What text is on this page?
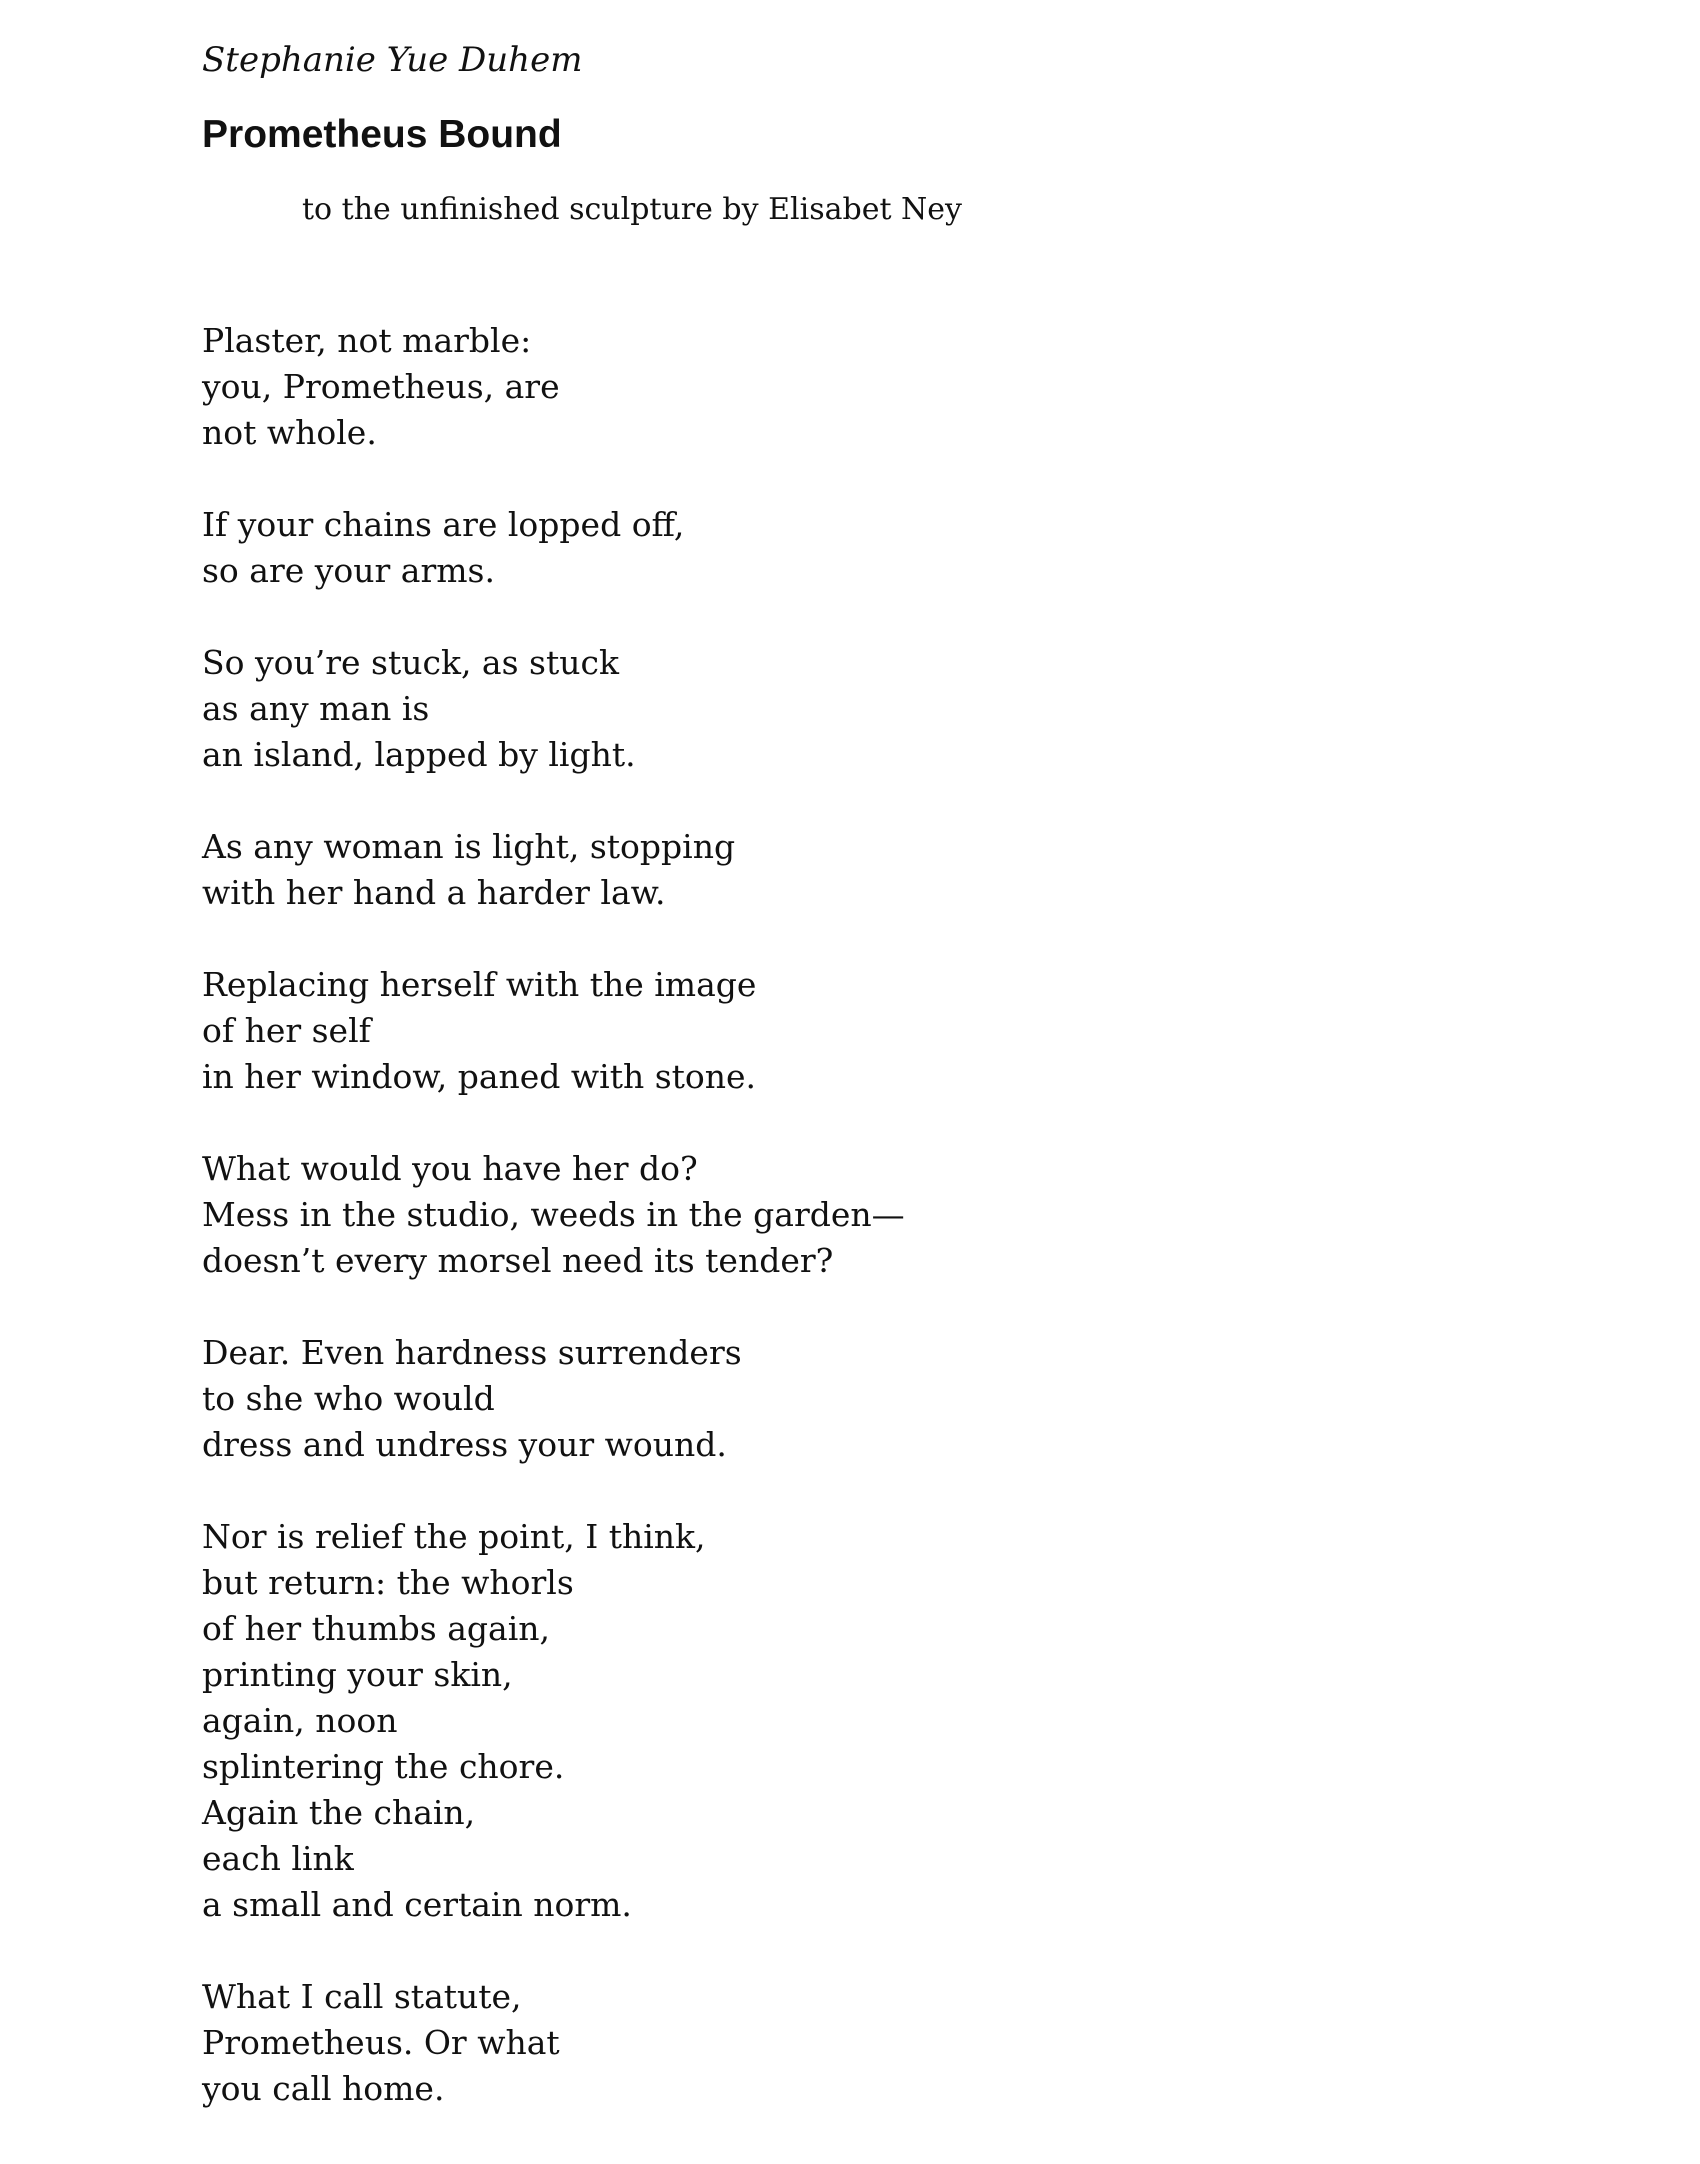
Stephanie Yue Duhem
Prometheus Bound
to the unfinished sculpture by Elisabet Ney
Plaster, not marble:
you, Prometheus, are
not whole.
If your chains are lopped off,
so are your arms.
So you’re stuck, as stuck
as any man is
an island, lapped by light.
As any woman is light, stopping
with her hand a harder law.
Replacing herself with the image
of her self
in her window, paned with stone.
What would you have her do?
Mess in the studio, weeds in the garden—
doesn’t every morsel need its tender?
Dear. Even hardness surrenders
to she who would
dress and undress your wound.
Nor is relief the point, I think,
but return: the whorls
of her thumbs again,
printing your skin,
again, noon
splintering the chore.
Again the chain,
each link
a small and certain norm.
What I call statute,
Prometheus. Or what
you call home.
